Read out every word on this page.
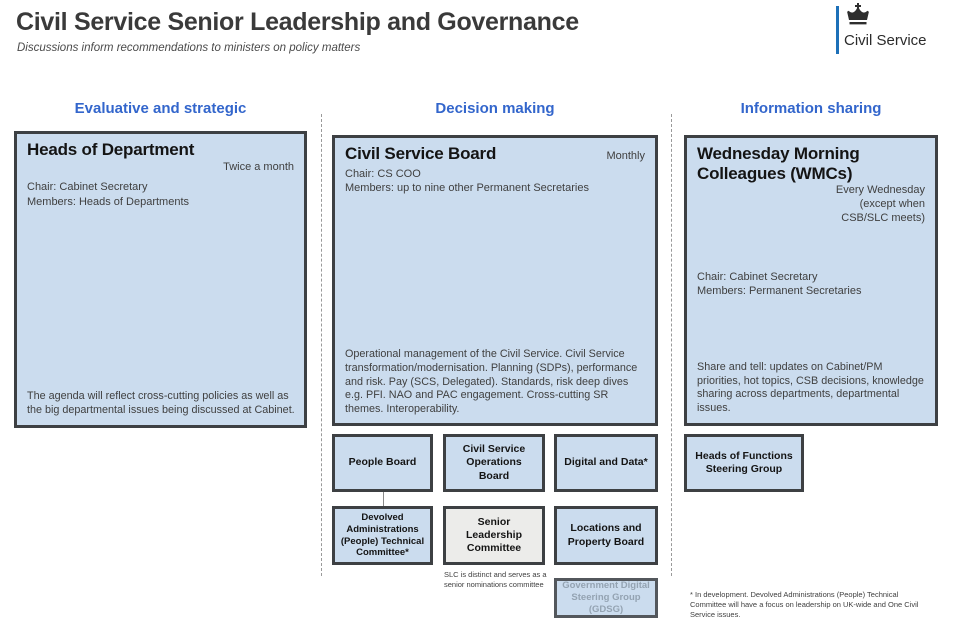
Civil Service Senior Leadership and Governance
Discussions inform recommendations to ministers on policy matters	Civil Service
Evaluative and strategic	Decision making	Information sharing
Heads of Department
Twice a month
Chair: Cabinet Secretary
Members: Heads of Departments
The agenda will reflect cross-cutting policies as well as the big departmental issues being discussed at Cabinet.
Civil Service Board	Monthly
Chair: CS COO
Members: up to nine other Permanent Secretaries
Operational management of the Civil Service. Civil Service transformation/modernisation. Planning (SDPs), performance and risk. Pay (SCS, Delegated). Standards, risk deep dives e.g. PFI. NAO and PAC engagement. Cross-cutting SR themes. Interoperability.
Wednesday Morning Colleagues (WMCs)
Every Wednesday
(except when
CSB/SLC meets)
Chair: Cabinet Secretary
Members: Permanent Secretaries
Share and tell: updates on Cabinet/PM priorities, hot topics, CSB decisions, knowledge sharing across departments, departmental issues.
People Board
Civil Service Operations Board
Digital and Data*
Devolved Administrations (People) Technical Committee*
Senior Leadership Committee
Locations and Property Board
SLC is distinct and serves as a senior nominations committee	Government Digital Steering Group (GDSG)
Heads of Functions Steering Group
* In development. Devolved Administrations (People) Technical Committee will have a focus on leadership on UK-wide and One Civil Service issues.
